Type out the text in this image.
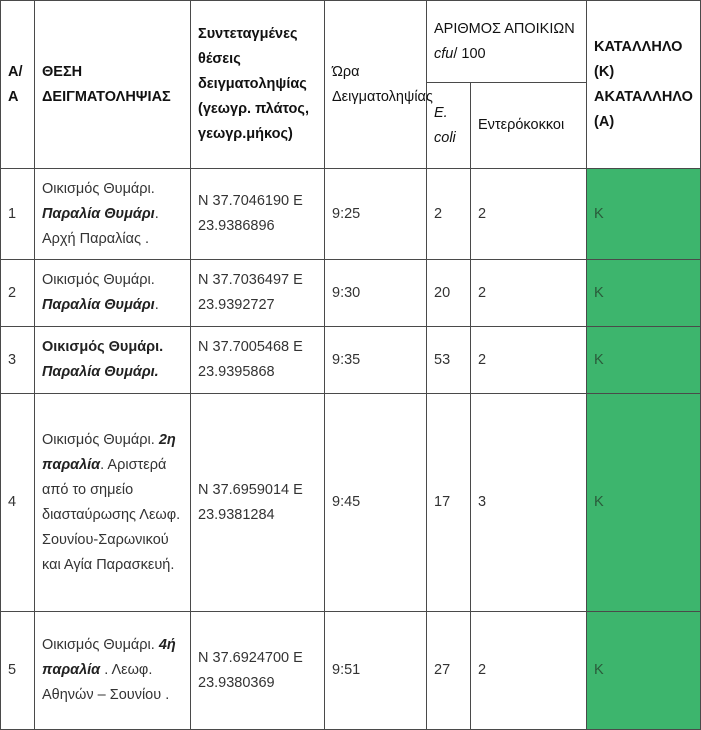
Α/Α	ΘΕΣΗ ΔΕΙΓΜΑΤΟΛΗΨΙΑΣ	Συντεταγμένες θέσεις δειγματοληψίας (γεωγρ. πλάτος, γεωγρ.μήκος)	Ώρα Δειγματοληψίας	ΑΡΙΘΜΟΣ ΑΠΟΙΚΙΩΝ cfu/ 100		ΚΑΤΑΛΛΗΛΟ (Κ) ΑΚΑΤΑΛΛΗΛΟ (Α)
				E. coli	Εντερόκοκκοι	
1	Οικισμός Θυμάρι. Παραλία Θυμάρι. Αρχή Παραλίας .	N 37.7046190 E 23.9386896	9:25	2	2	Κ
2	Οικισμός Θυμάρι. Παραλία Θυμάρι.	N 37.7036497 E 23.9392727	9:30	20	2	Κ
3	Οικισμός Θυμάρι. Παραλία Θυμάρι.	N 37.7005468 E 23.9395868	9:35	53	2	Κ
4	Οικισμός Θυμάρι. 2η παραλία. Αριστερά από το σημείο διασταύρωσης Λεωφ. Σουνίου-Σαρωνικού και Αγία Παρασκευή.	N 37.6959014 E 23.9381284	9:45	17	3	Κ
5	Οικισμός Θυμάρι. 4ή παραλία . Λεωφ. Αθηνών – Σουνίου .	N 37.6924700 E 23.9380369	9:51	27	2	Κ
